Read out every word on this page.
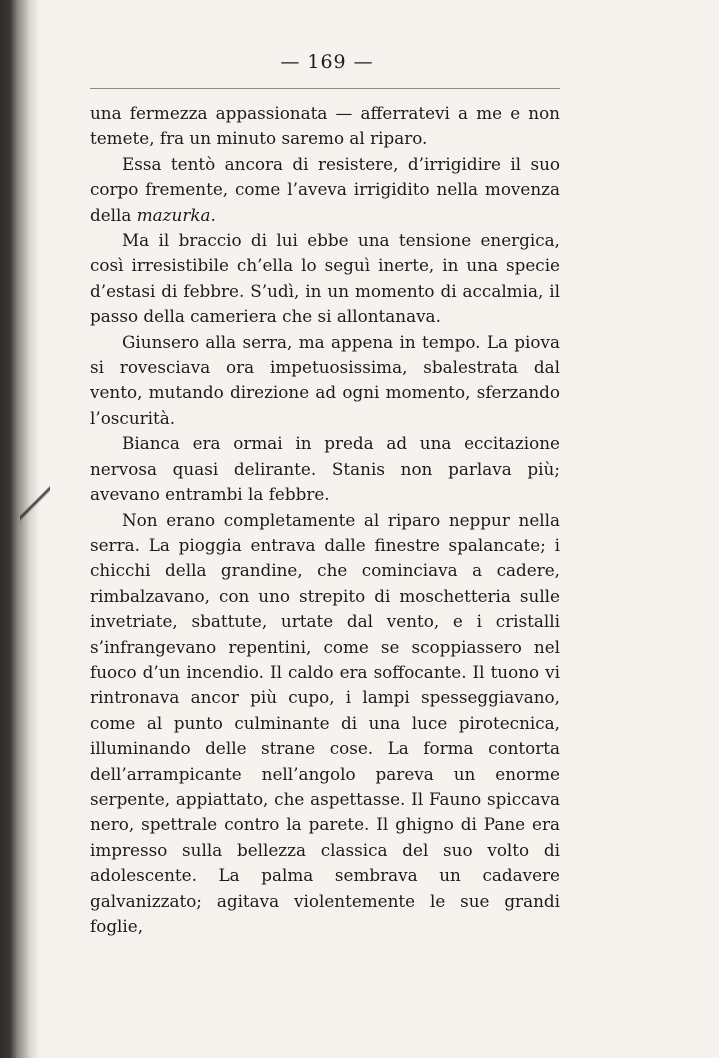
— 169 —

una fermezza appassionata — afferratevi a me e non temete, fra un minuto saremo al riparo.

Essa tentò ancora di resistere, d’irrigidire il suo corpo fremente, come l’aveva irrigidito nella movenza della mazurka.

Ma il braccio di lui ebbe una tensione energica, così irresistibile ch’ella lo seguì inerte, in una specie d’estasi di febbre. S’udì, in un momento di accalmia, il passo della cameriera che si allontanava.

Giunsero alla serra, ma appena in tempo. La piova si rovesciava ora impetuosissima, sbalestrata dal vento, mutando direzione ad ogni momento, sferzando l’oscurità.

Bianca era ormai in preda ad una eccitazione nervosa quasi delirante. Stanis non parlava più; avevano entrambi la febbre.

Non erano completamente al riparo neppur nella serra. La pioggia entrava dalle finestre spalancate; i chicchi della grandine, che cominciava a cadere, rimbalzavano, con uno strepito di moschetteria sulle invetriate, sbattute, urtate dal vento, e i cristalli s’infrangevano repentini, come se scoppiassero nel fuoco d’un incendio. Il caldo era soffocante. Il tuono vi rintronava ancor più cupo, i lampi spesseggiavano, come al punto culminante di una luce pirotecnica, illuminando delle strane cose. La forma contorta dell’arrampicante nell’angolo pareva un enorme serpente, appiattato, che aspettasse. Il Fauno spiccava nero, spettrale contro la parete. Il ghigno di Pane era impresso sulla bellezza classica del suo volto di adolescente. La palma sembrava un cadavere galvanizzato; agitava violentemente le sue grandi foglie,
